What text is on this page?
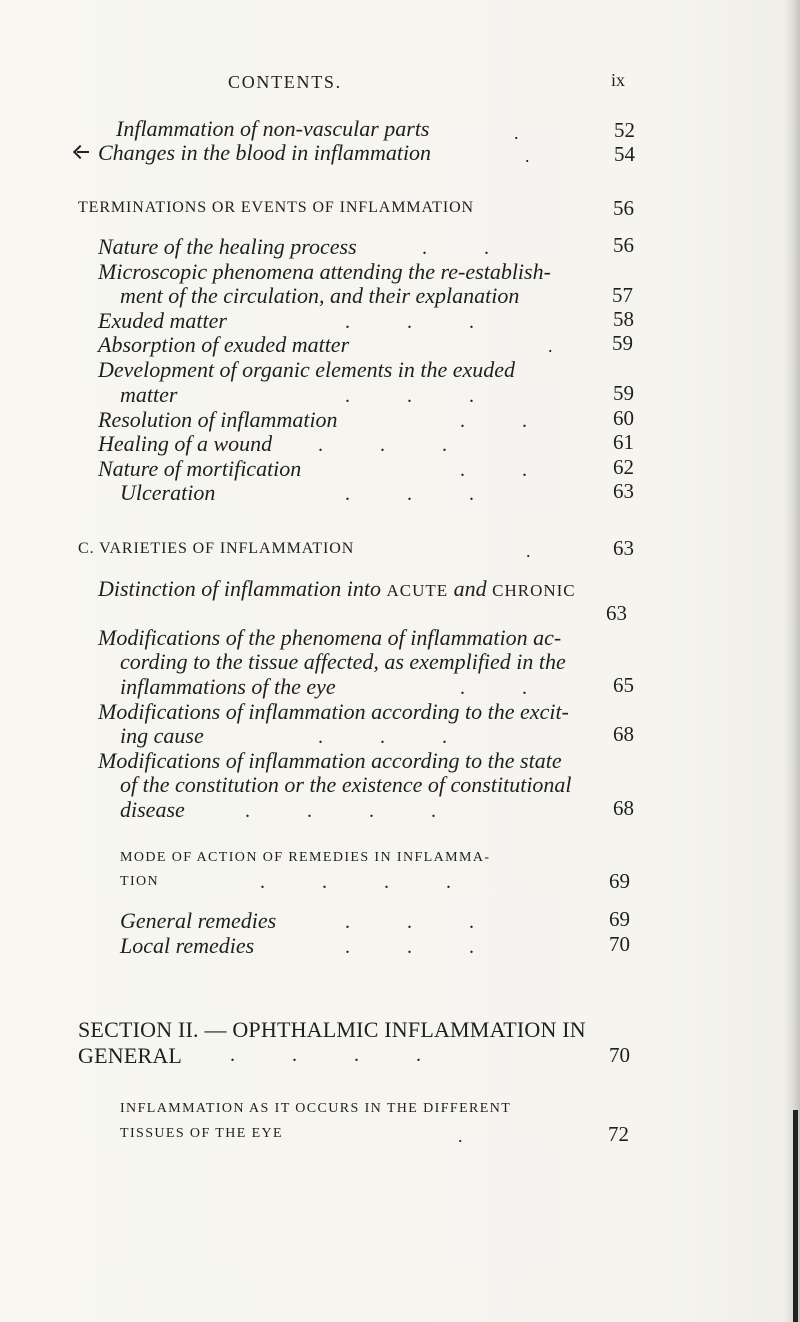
CONTENTS.	ix
Inflammation of non-vascular parts	.	52
Changes in the blood in inflammation	.	54
TERMINATIONS OR EVENTS OF INFLAMMATION	56
Nature of the healing process	. .	56
Microscopic phenomena attending the re-establish-
ment of the circulation, and their explanation	57
Exuded matter	. . .	58
Absorption of exuded matter	.	59
Development of organic elements in the exuded
matter	. . .	59
Resolution of inflammation	. .	60
Healing of a wound . . .	61
Nature of mortification	. .	62
Ulceration	. . .	63
C. VARIETIES OF INFLAMMATION	.	63
Distinction of inflammation into ACUTE and CHRONIC
63
Modifications of the phenomena of inflammation ac-
cording to the tissue affected, as exemplified in the
inflammations of the eye	. .	65
Modifications of inflammation according to the excit-
ing cause	. . .	68
Modifications of inflammation according to the state
of the constitution or the existence of constitutional
disease	. . . .	68
MODE OF ACTION OF REMEDIES IN INFLAMMA-
TION	. . . .	69
General remedies	. . .	69
Local remedies	. . .	70
SECTION II. — OPHTHALMIC INFLAMMATION IN
GENERAL . . . .	70
INFLAMMATION AS IT OCCURS IN THE DIFFERENT
TISSUES OF THE EYE	.	72
